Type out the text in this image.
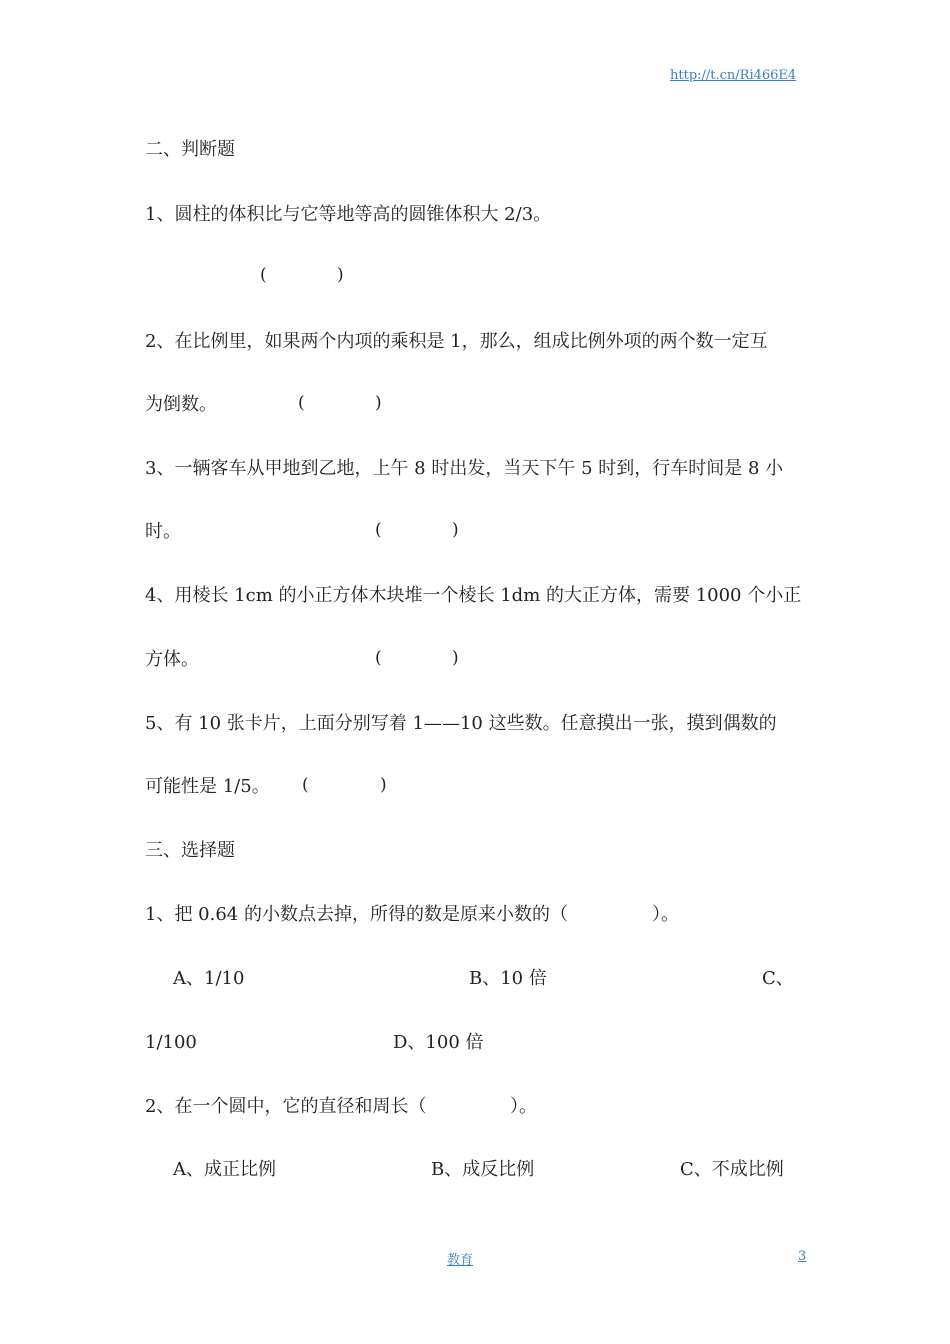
http://t.cn/Ri466E4
二、判断题
1、圆柱的体积比与它等地等高的圆锥体积大 2/3。
(	)
2、在比例里，如果两个内项的乘积是 1，那么，组成比例外项的两个数一定互
为倒数。	(	)
3、一辆客车从甲地到乙地，上午 8 时出发，当天下午 5 时到，行车时间是 8 小
时。	(	)
4、用棱长 1cm 的小正方体木块堆一个棱长 1dm 的大正方体，需要 1000 个小正
方体。	(	)
5、有 10 张卡片，上面分别写着 1——10 这些数。任意摸出一张，摸到偶数的
可能性是 1/5。 (	)
三、选择题
1、把 0.64 的小数点去掉，所得的数是原来小数的（	）。
A、1/10	B、10 倍	C、
1/100	D、100 倍
2、在一个圆中，它的直径和周长（	）。
A、成正比例	B、成反比例	C、不成比例
教育	3
